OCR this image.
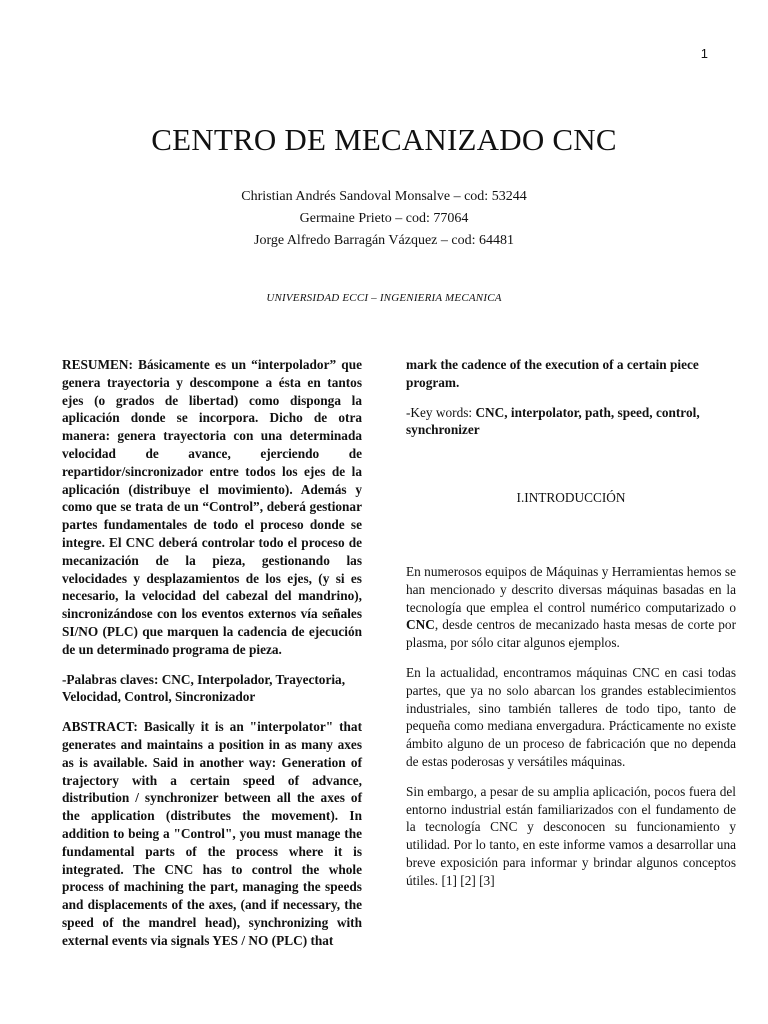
1
CENTRO DE MECANIZADO CNC
Christian Andrés Sandoval Monsalve – cod: 53244
Germaine Prieto – cod: 77064
Jorge Alfredo Barragán Vázquez – cod: 64481
UNIVERSIDAD ECCI – INGENIERIA MECANICA

RESUMEN: Básicamente es un “interpolador” que genera trayectoria y descompone a ésta en tantos ejes (o grados de libertad) como disponga la aplicación donde se incorpora. Dicho de otra manera: genera trayectoria con una determinada velocidad de avance, ejerciendo de repartidor/sincronizador entre todos los ejes de la aplicación (distribuye el movimiento). Además y como que se trata de un “Control”, deberá gestionar partes fundamentales de todo el proceso donde se integre. El CNC deberá controlar todo el proceso de mecanización de la pieza, gestionando las velocidades y desplazamientos de los ejes, (y si es necesario, la velocidad del cabezal del mandrino), sincronizándose con los eventos externos vía señales SI/NO (PLC) que marquen la cadencia de ejecución de un determinado programa de pieza.

-Palabras claves: CNC, Interpolador, Trayectoria, Velocidad, Control, Sincronizador

ABSTRACT: Basically it is an "interpolator" that generates and maintains a position in as many axes as is available. Said in another way: Generation of trajectory with a certain speed of advance, distribution / synchronizer between all the axes of the application (distributes the movement). In addition to being a "Control", you must manage the fundamental parts of the process where it is integrated. The CNC has to control the whole process of machining the part, managing the speeds and displacements of the axes, (and if necessary, the speed of the mandrel head), synchronizing with external events via signals YES / NO (PLC) that

mark the cadence of the execution of a certain piece program.

-Key words: CNC, interpolator, path, speed, control, synchronizer

I.INTRODUCCIÓN

En numerosos equipos de Máquinas y Herramientas hemos se han mencionado y descrito diversas máquinas basadas en la tecnología que emplea el control numérico computarizado o CNC, desde centros de mecanizado hasta mesas de corte por plasma, por sólo citar algunos ejemplos.

En la actualidad, encontramos máquinas CNC en casi todas partes, que ya no solo abarcan los grandes establecimientos industriales, sino también talleres de todo tipo, tanto de pequeña como mediana envergadura. Prácticamente no existe ámbito alguno de un proceso de fabricación que no dependa de estas poderosas y versátiles máquinas.

Sin embargo, a pesar de su amplia aplicación, pocos fuera del entorno industrial están familiarizados con el fundamento de la tecnología CNC y desconocen su funcionamiento y utilidad. Por lo tanto, en este informe vamos a desarrollar una breve exposición para informar y brindar algunos conceptos útiles. [1] [2] [3]
